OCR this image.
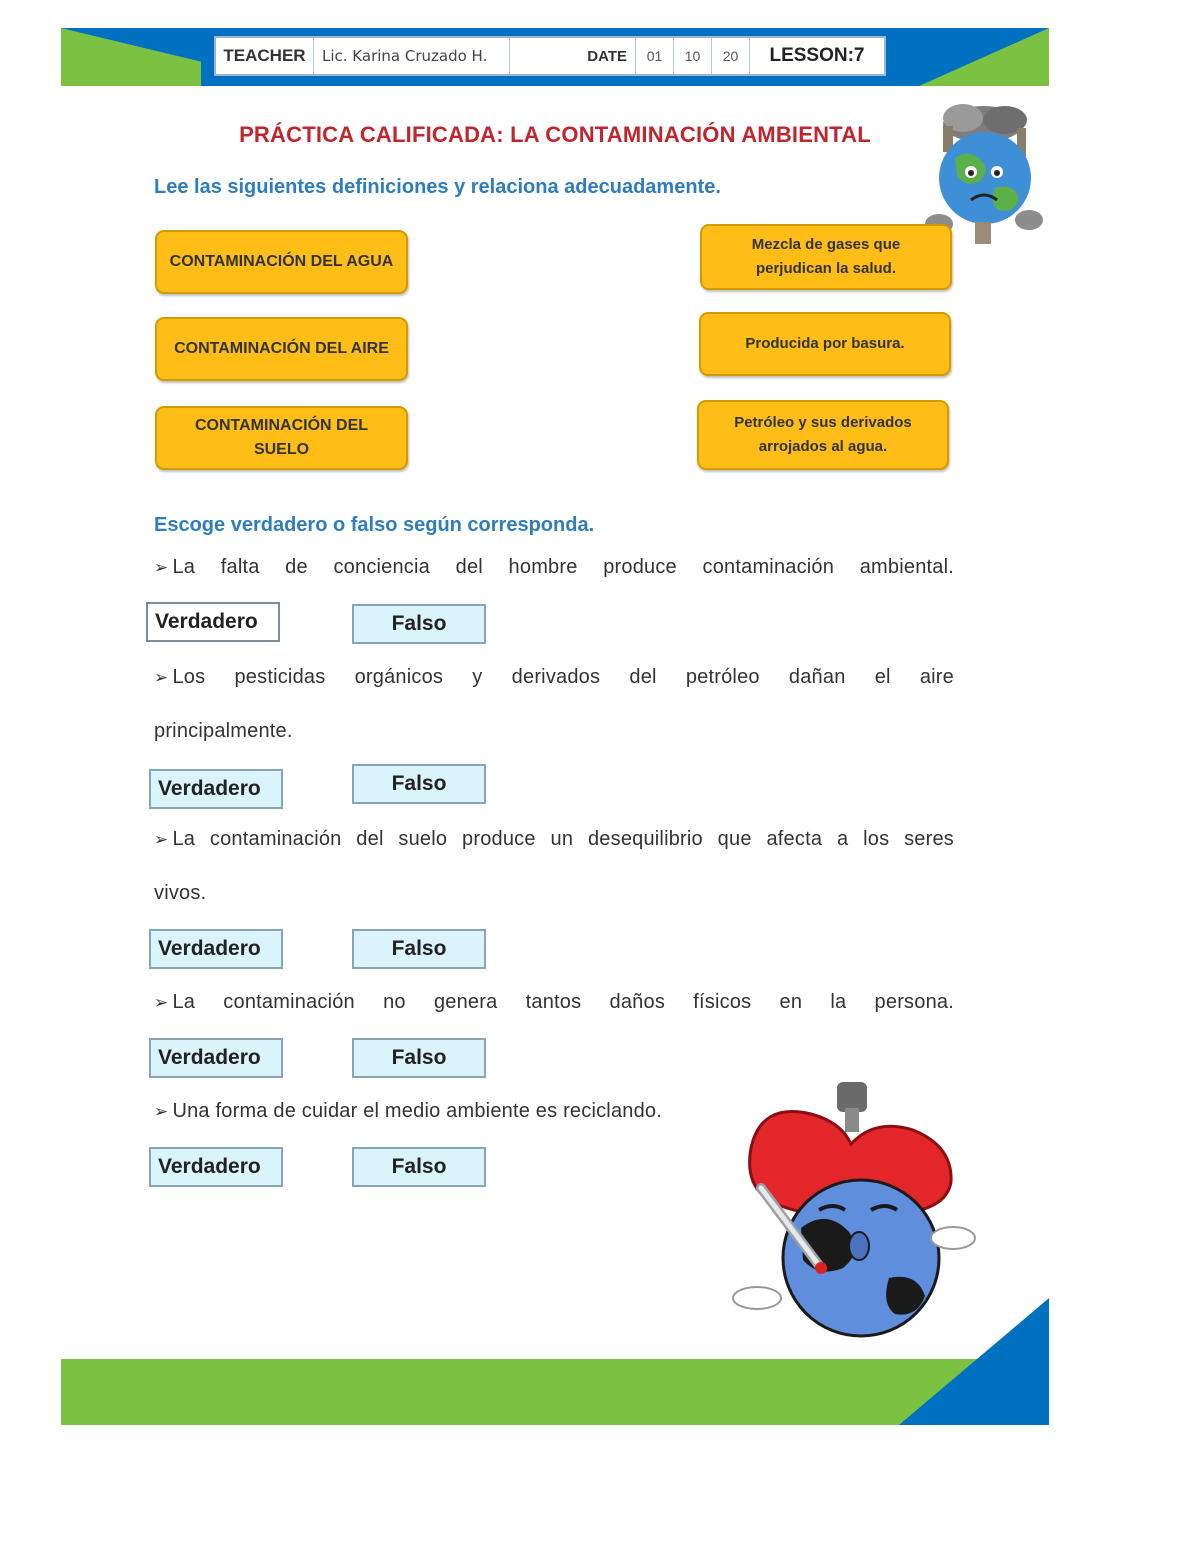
TEACHER	Lic. Karina Cruzado H.	DATE	01	10	20	LESSON:7
PRÁCTICA CALIFICADA: LA CONTAMINACIÓN AMBIENTAL
Lee las siguientes definiciones y relaciona adecuadamente.
CONTAMINACIÓN DEL AGUA
CONTAMINACIÓN DEL AIRE
CONTAMINACIÓN DEL SUELO
Mezcla de gases que perjudican la salud.
Producida por basura.
Petróleo y sus derivados arrojados al agua.
Escoge verdadero o falso según corresponda.
➢ La falta de conciencia del hombre produce contaminación ambiental.
Verdadero	Falso
➢ Los pesticidas orgánicos y derivados del petróleo dañan el aire
principalmente.
Verdadero	Falso
➢ La contaminación del suelo produce un desequilibrio que afecta a los seres
vivos.
Verdadero	Falso
➢ La contaminación no genera tantos daños físicos en la persona.
Verdadero	Falso
➢ Una forma de cuidar el medio ambiente es reciclando.
Verdadero	Falso
